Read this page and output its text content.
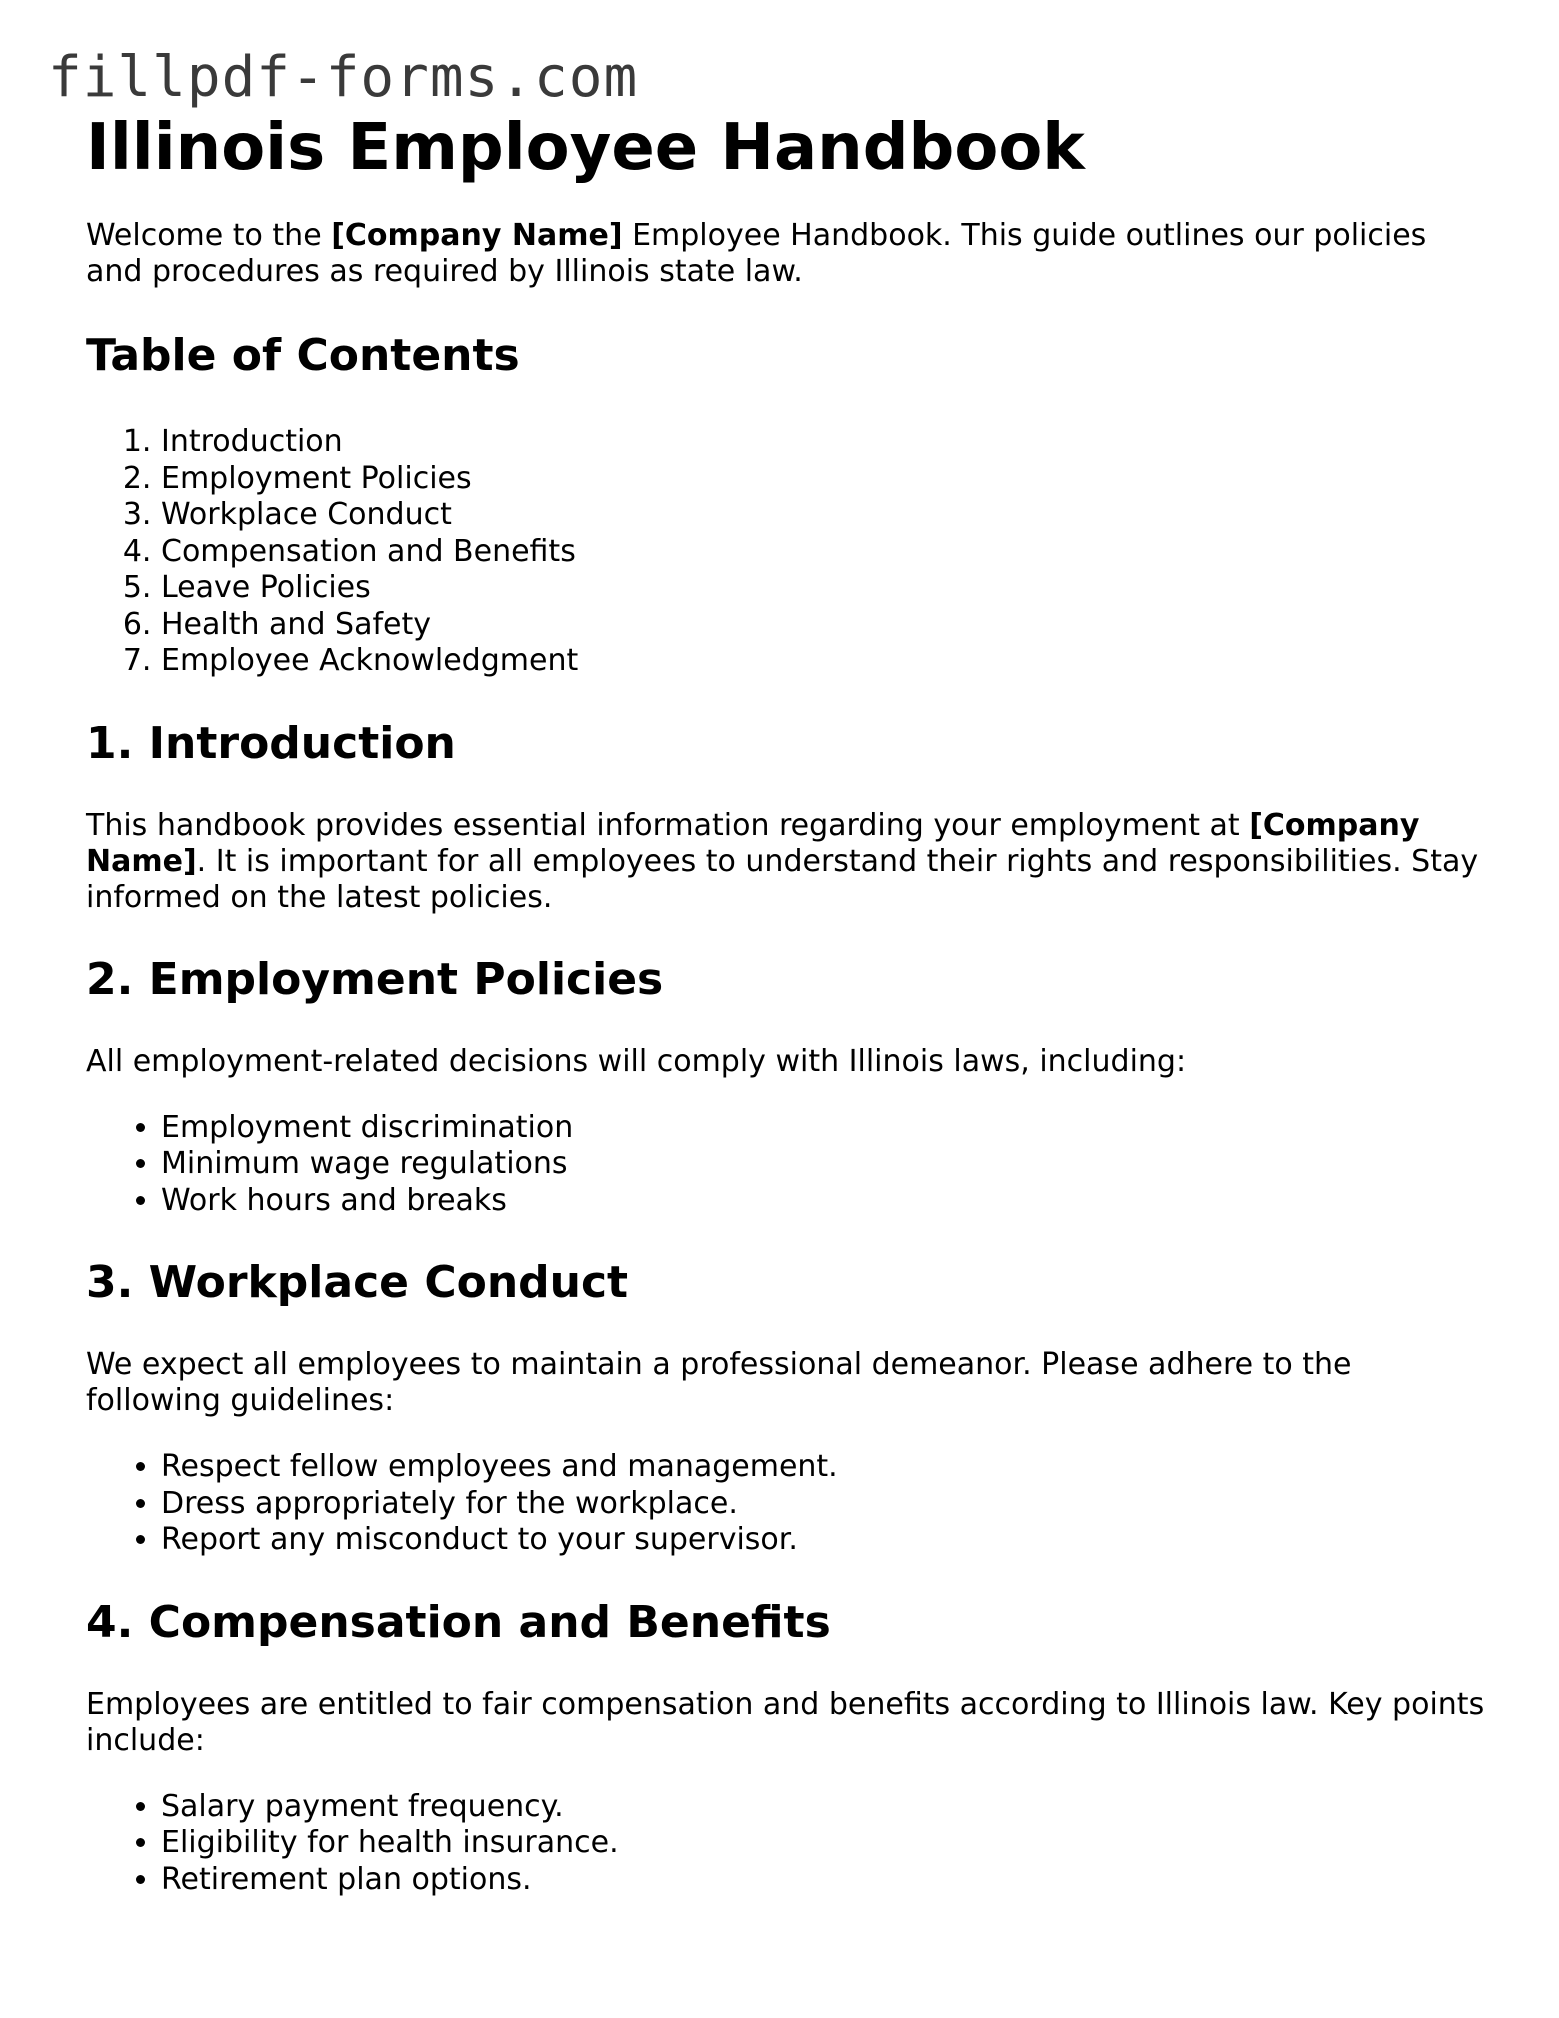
fillpdf-forms.com
Illinois Employee Handbook

Welcome to the [Company Name] Employee Handbook. This guide outlines our policies and procedures as required by Illinois state law.

Table of Contents
1. Introduction
2. Employment Policies
3. Workplace Conduct
4. Compensation and Benefits
5. Leave Policies
6. Health and Safety
7. Employee Acknowledgment
1. Introduction

This handbook provides essential information regarding your employment at [Company Name]. It is important for all employees to understand their rights and responsibilities. Stay informed on the latest policies.

2. Employment Policies

All employment-related decisions will comply with Illinois laws, including:

• Employment discrimination
• Minimum wage regulations
• Work hours and breaks
3. Workplace Conduct

We expect all employees to maintain a professional demeanor. Please adhere to the following guidelines:

• Respect fellow employees and management.
• Dress appropriately for the workplace.
• Report any misconduct to your supervisor.
4. Compensation and Benefits

Employees are entitled to fair compensation and benefits according to Illinois law. Key points include:

• Salary payment frequency.
• Eligibility for health insurance.
• Retirement plan options.
